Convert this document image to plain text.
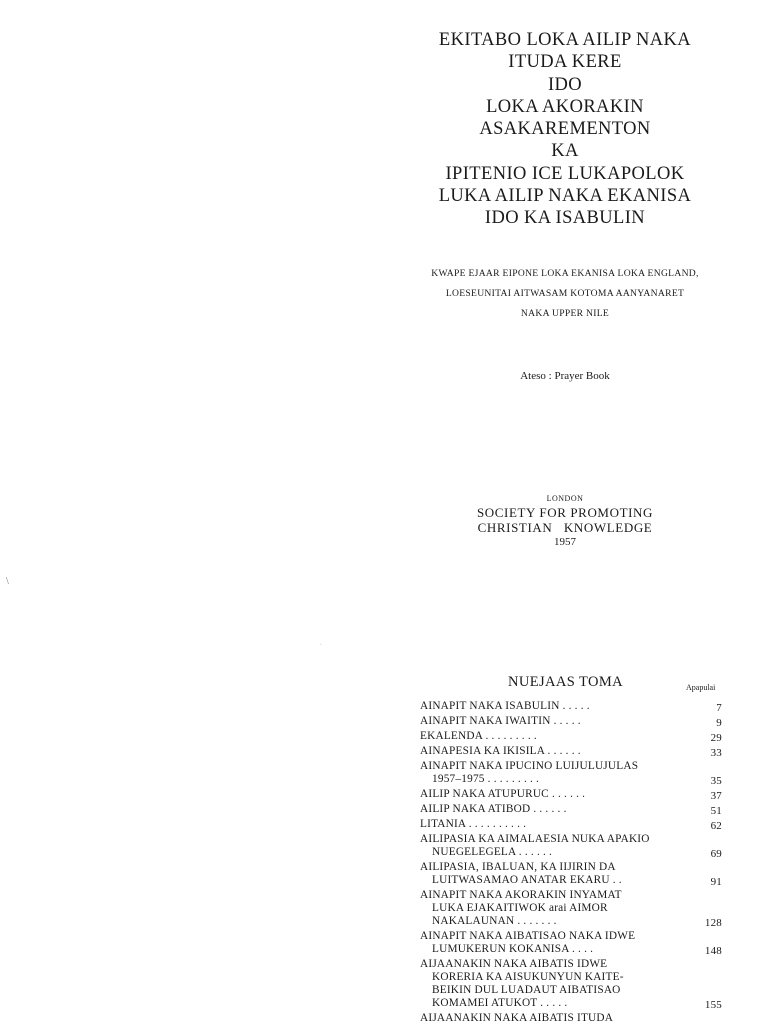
EKITABO LOKA AILIP NAKA
ITUDA KERE
IDO
LOKA AKORAKIN
ASAKAREMENTON
KA
IPITENIO ICE LUKAPOLOK
LUKA AILIP NAKA EKANISA
IDO KA ISABULIN
KWAPE EJAAR EIPONE LOKA EKANISA LOKA ENGLAND,
LOESEUNITAI AITWASAM KOTOMA AANYANARET
NAKA UPPER NILE
Ateso : Prayer Book
LONDON
SOCIETY FOR PROMOTING
CHRISTIAN   KNOWLEDGE
1957
\
·
NUEJAAS TOMA	Apapulai
AINAPIT NAKA ISABULIN . . . . .	7
AINAPIT NAKA IWAITIN . . . . .	9
EKALENDA . . . . . . . . .	29
AINAPESIA KA IKISILA . . . . . .	33
AINAPIT NAKA IPUCINO LUIJULUJULAS
1957–1975 . . . . . . . . .	35
AILIP NAKA ATUPURUC . . . . . .	37
AILIP NAKA ATIBOD . . . . . .	51
LITANIA . . . . . . . . . .	62
AILIPASIA KA AIMALAESIA NUKA APAKIO
NUEGELEGELA . . . . . .	69
AILIPASIA, IBALUAN, KA IIJIRIN DA
LUITWASAMAO ANATAR EKARU . .	91
AINAPIT NAKA AKORAKIN INYAMAT
LUKA EJAKAITIWOK arai AIMOR
NAKALAUNAN . . . . . . .	128
AINAPIT NAKA AIBATISAO NAKA IDWE
LUMUKERUN KOKANISA . . . .	148
AIJAANAKIN NAKA AIBATIS IDWE
KORERIA KA AISUKUNYUN KAITE-
BEIKIN DUL LUADAUT AIBATISAO
KOMAMEI ATUKOT . . . . .	155
AIJAANAKIN NAKA AIBATIS ITUDA
